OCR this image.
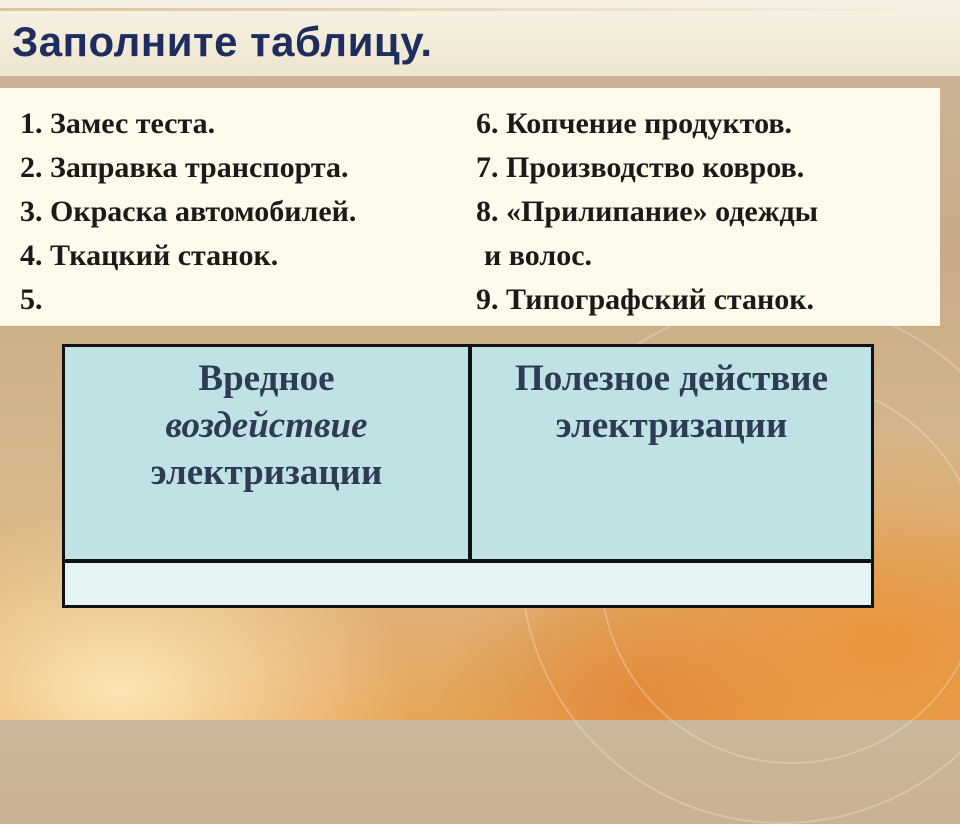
Заполните таблицу.
1. Замес теста.
2. Заправка транспорта.
3. Окраска автомобилей.
4. Ткацкий станок.
5.
6. Копчение продуктов.
7. Производство ковров.
8. «Прилипание» одежды
и волос.
9. Типографский станок.
Вредное
воздействие
электризации
Полезное действие
электризации
